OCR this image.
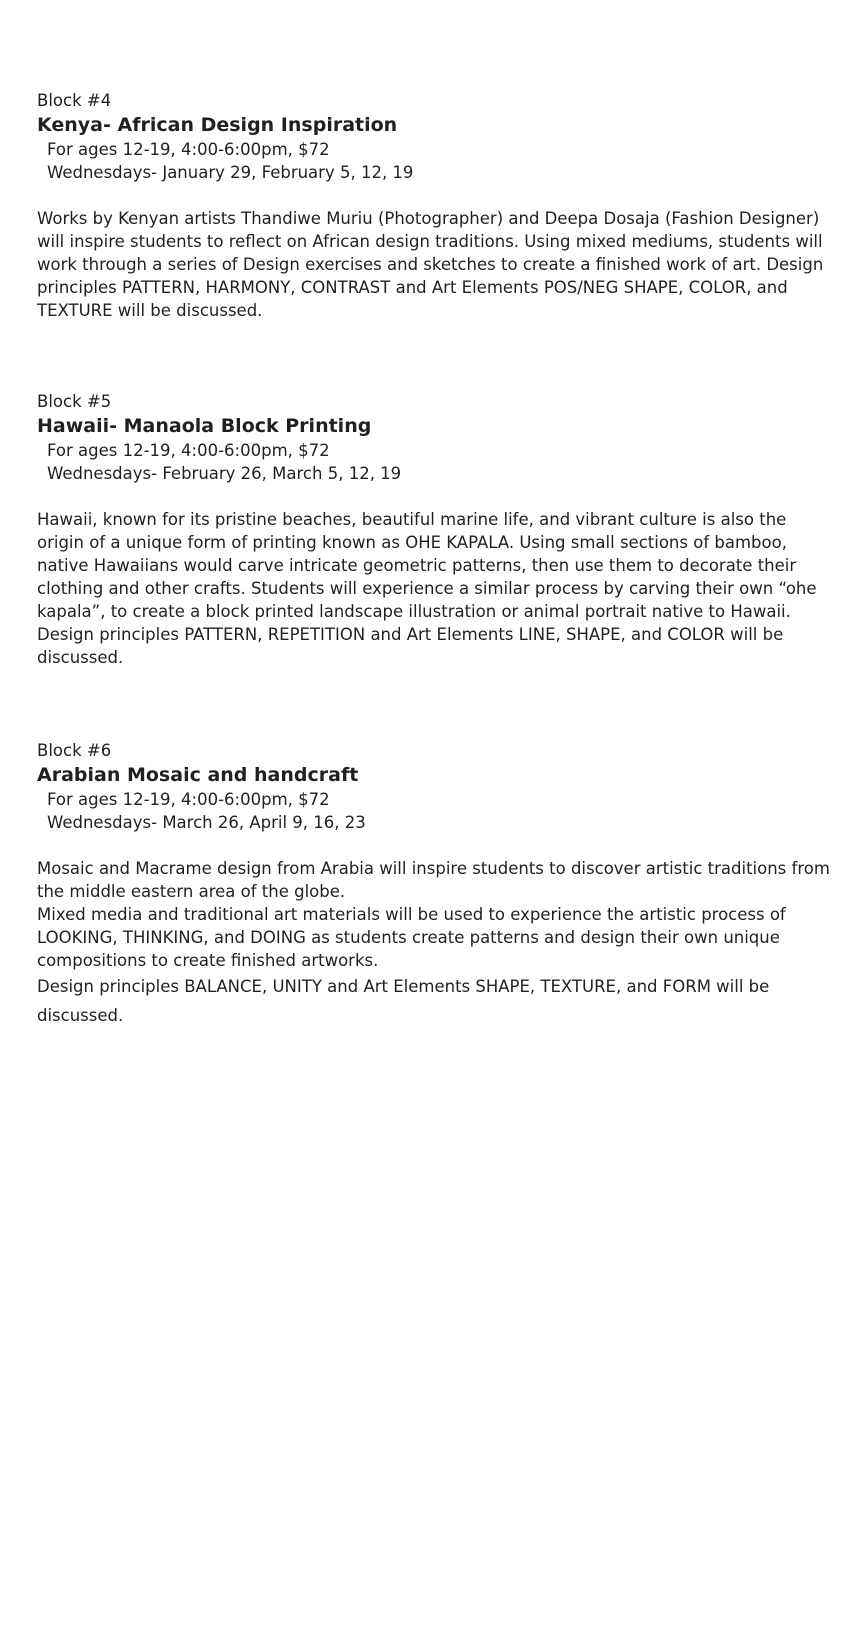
Block #4

Kenya- African Design Inspiration

For ages 12-19, 4:00-6:00pm, $72

Wednesdays- January 29, February 5, 12, 19

Works by Kenyan artists Thandiwe Muriu (Photographer) and Deepa Dosaja (Fashion Designer) will inspire students to reflect on African design traditions. Using mixed mediums, students will work through a series of Design exercises and sketches to create a finished work of art. Design principles PATTERN, HARMONY, CONTRAST and Art Elements POS/NEG SHAPE, COLOR, and TEXTURE will be discussed.

Block #5

Hawaii- Manaola Block Printing

For ages 12-19, 4:00-6:00pm, $72

Wednesdays- February 26, March 5, 12, 19

Hawaii, known for its pristine beaches, beautiful marine life, and vibrant culture is also the origin of a unique form of printing known as OHE KAPALA. Using small sections of bamboo, native Hawaiians would carve intricate geometric patterns, then use them to decorate their clothing and other crafts. Students will experience a similar process by carving their own “ohe kapala”, to create a block printed landscape illustration or animal portrait native to Hawaii. Design principles PATTERN, REPETITION and Art Elements LINE, SHAPE, and COLOR will be discussed.

Block #6

Arabian Mosaic and handcraft

For ages 12-19, 4:00-6:00pm, $72

Wednesdays- March 26, April 9, 16, 23

Mosaic and Macrame design from Arabia will inspire students to discover artistic traditions from the middle eastern area of the globe.

Mixed media and traditional art materials will be used to experience the artistic process of LOOKING, THINKING, and DOING as students create patterns and design their own unique compositions to create finished artworks.

Design principles BALANCE, UNITY and Art Elements SHAPE, TEXTURE, and FORM will be discussed.
